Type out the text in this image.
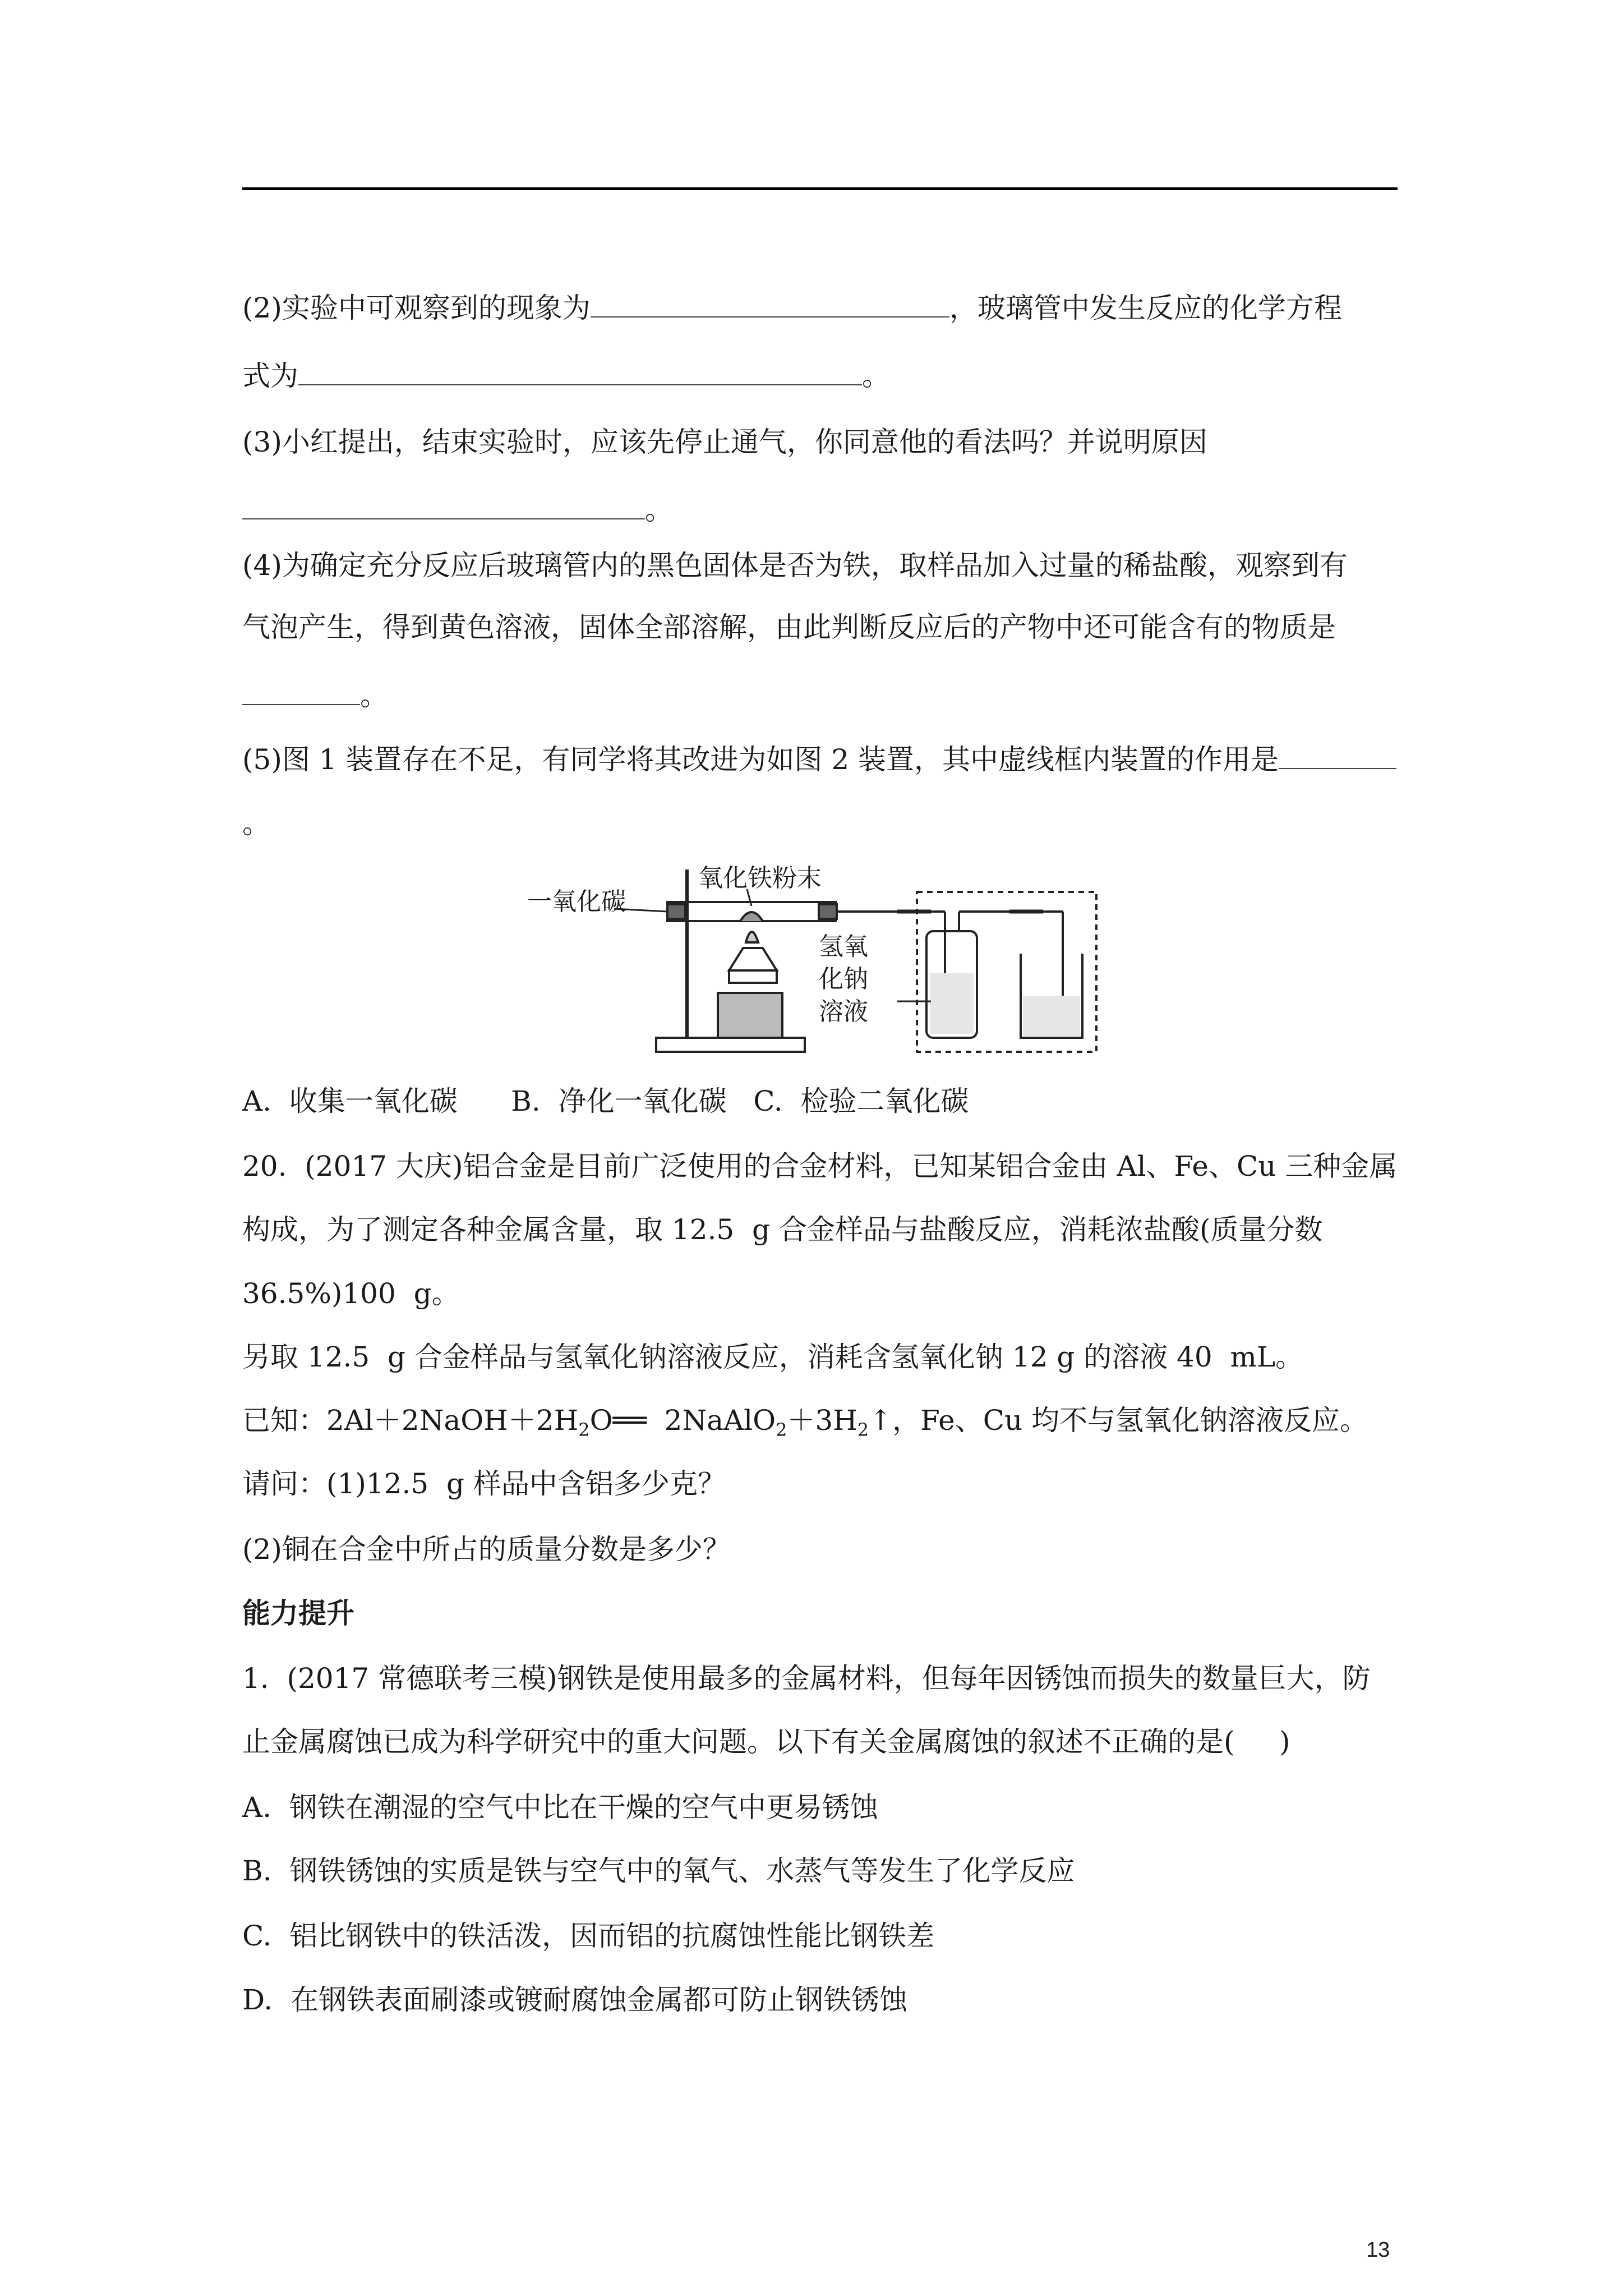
(2)实验中可观察到的现象为	，玻璃管中发生反应的化学方程
式为	。
(3)小红提出，结束实验时，应该先停止通气，你同意他的看法吗？并说明原因
。
(4)为确定充分反应后玻璃管内的黑色固体是否为铁，取样品加入过量的稀盐酸，观察到有
气泡产生，得到黄色溶液，固体全部溶解，由此判断反应后的产物中还可能含有的物质是
。
(5)图 1 装置存在不足，有同学将其改进为如图 2 装置，其中虚线框内装置的作用是
。
一氧化碳
氧化铁粉末
氢氧
化钠
溶液
A.  收集一氧化碳      B.  净化一氧化碳   C.  检验二氧化碳
20.  (2017 大庆)铝合金是目前广泛使用的合金材料，已知某铝合金由 Al、Fe、Cu 三种金属
构成，为了测定各种金属含量，取 12.5  g 合金样品与盐酸反应，消耗浓盐酸(质量分数
36.5%)100  g。
另取 12.5  g 合金样品与氢氧化钠溶液反应，消耗含氢氧化钠 12 g 的溶液 40  mL。
已知：$2Al+2NaOH+2H_2O══$  $2NaAlO_2+3H_2↑$，Fe、Cu 均不与氢氧化钠溶液反应。
请问：(1)12.5  g 样品中含铝多少克？
(2)铜在合金中所占的质量分数是多少？
能力提升
1.  (2017 常德联考三模)钢铁是使用最多的金属材料，但每年因锈蚀而损失的数量巨大，防
止金属腐蚀已成为科学研究中的重大问题。以下有关金属腐蚀的叙述不正确的是(     )
A.  钢铁在潮湿的空气中比在干燥的空气中更易锈蚀
B.  钢铁锈蚀的实质是铁与空气中的氧气、水蒸气等发生了化学反应
C.  铝比钢铁中的铁活泼，因而铝的抗腐蚀性能比钢铁差
D.  在钢铁表面刷漆或镀耐腐蚀金属都可防止钢铁锈蚀
13
